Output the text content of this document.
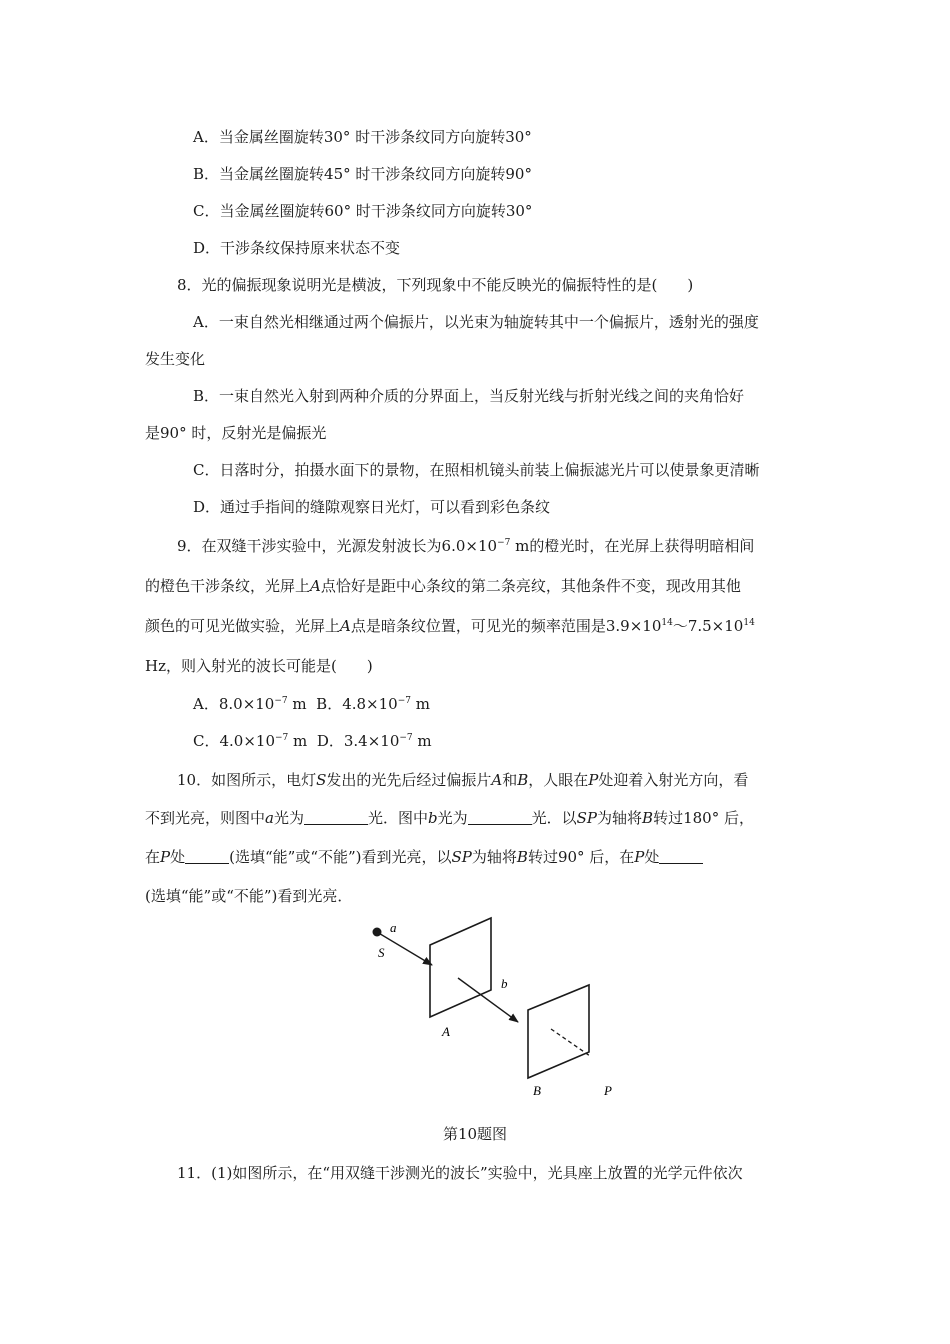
A．当金属丝圈旋转30° 时干涉条纹同方向旋转30°
B．当金属丝圈旋转45° 时干涉条纹同方向旋转90°
C．当金属丝圈旋转60° 时干涉条纹同方向旋转30°
D．干涉条纹保持原来状态不变
8．光的偏振现象说明光是横波，下列现象中不能反映光的偏振特性的是(　　)
A．一束自然光相继通过两个偏振片，以光束为轴旋转其中一个偏振片，透射光的强度
发生变化
B．一束自然光入射到两种介质的分界面上，当反射光线与折射光线之间的夹角恰好
是90° 时，反射光是偏振光
C．日落时分，拍摄水面下的景物，在照相机镜头前装上偏振滤光片可以使景象更清晰
D．通过手指间的缝隙观察日光灯，可以看到彩色条纹
9．在双缝干涉实验中，光源发射波长为$6.0\times 10^{-7}$ m的橙光时，在光屏上获得明暗相间
的橙色干涉条纹，光屏上A点恰好是距中心条纹的第二条亮纹，其他条件不变，现改用其他
颜色的可见光做实验，光屏上A点是暗条纹位置，可见光的频率范围是$3.9\times 10^{14}\sim 7.5\times 10^{14}$
Hz，则入射光的波长可能是(　　)
A．$8.0\times 10^{-7}$ m B．$4.8\times 10^{-7}$ m
C．$4.0\times 10^{-7}$ m D．$3.4\times 10^{-7}$ m
10．如图所示，电灯S发出的光先后经过偏振片A和B，人眼在P处迎着入射光方向，看
不到光亮，则图中a光为	光．图中b光为	光．以SP为轴将B转过180° 后，
在P处	(选填“能”或“不能”)看到光亮，以SP为轴将B转过90° 后，在P处
(选填“能”或“不能”)看到光亮．
a
S
A
b
B	P
第10题图
11．(1)如图所示，在“用双缝干涉测光的波长”实验中，光具座上放置的光学元件依次
